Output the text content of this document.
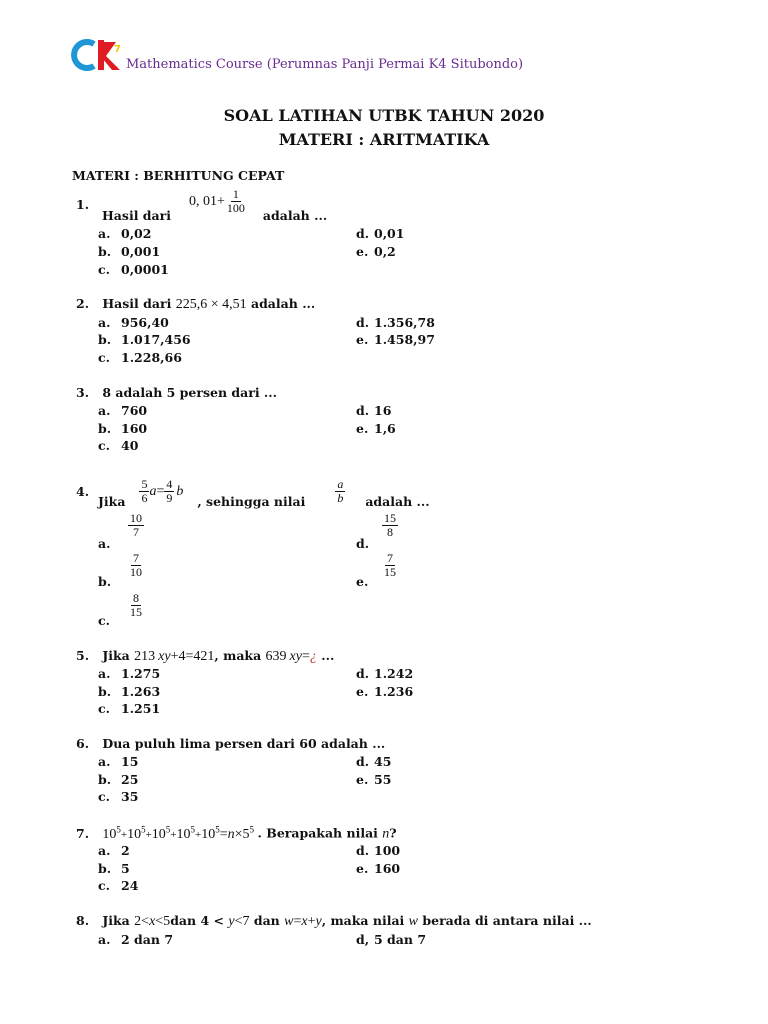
7
Mathematics Course (Perumnas Panji Permai K4 Situbondo)
SOAL LATIHAN UTBK TAHUN 2020
MATERI : ARITMATIKA
MATERI : BERHITUNG CEPAT
1.
Hasil dari
0, $01+ \frac{1}{100}$
adalah ...
a. 0,02
b. 0,001
c. 0,0001
d. 0,01
e. 0,2
2. Hasil dari 225,6 × 4,51 adalah ...
a. 956,40
b. 1.017,456
c. 1.228,66
d. 1.356,78
e. 1.458,97
3. 8 adalah 5 persen dari ...
a. 760
b. 160
c. 40
d. 16
e. 1,6
4.
Jika $\frac{5}{6}$ $a = \frac{4}{9}$ b
, sehingga nilai	$\frac{a}{b}$ adalah ...
a.
$\frac{10}{7}$
b.
$\frac{7}{10}$
c.
$\frac{8}{15}$
d.
$\frac{15}{8}$
e.
$\frac{7}{15}$
5. Jika 213 xy+4=421, maka 639 xy=¿ ...
a. 1.275
b. 1.263
c. 1.251
d. 1.242
e. 1.236
6. Dua puluh lima persen dari 60 adalah ...
a. 15
b. 25
c. 35
d. 45
e. 55
7. $10^5+10^5+10^5+10^5+10^5=n\times 5^5$ . Berapakah nilai n?
a. 2
b. 5
c. 24
d. 100
e. 160
8. Jika 2<x<5dan 4 < y<7 dan w=x+y, maka nilai w berada di antara nilai ...
a. 2 dan 7	d, 5 dan 7
